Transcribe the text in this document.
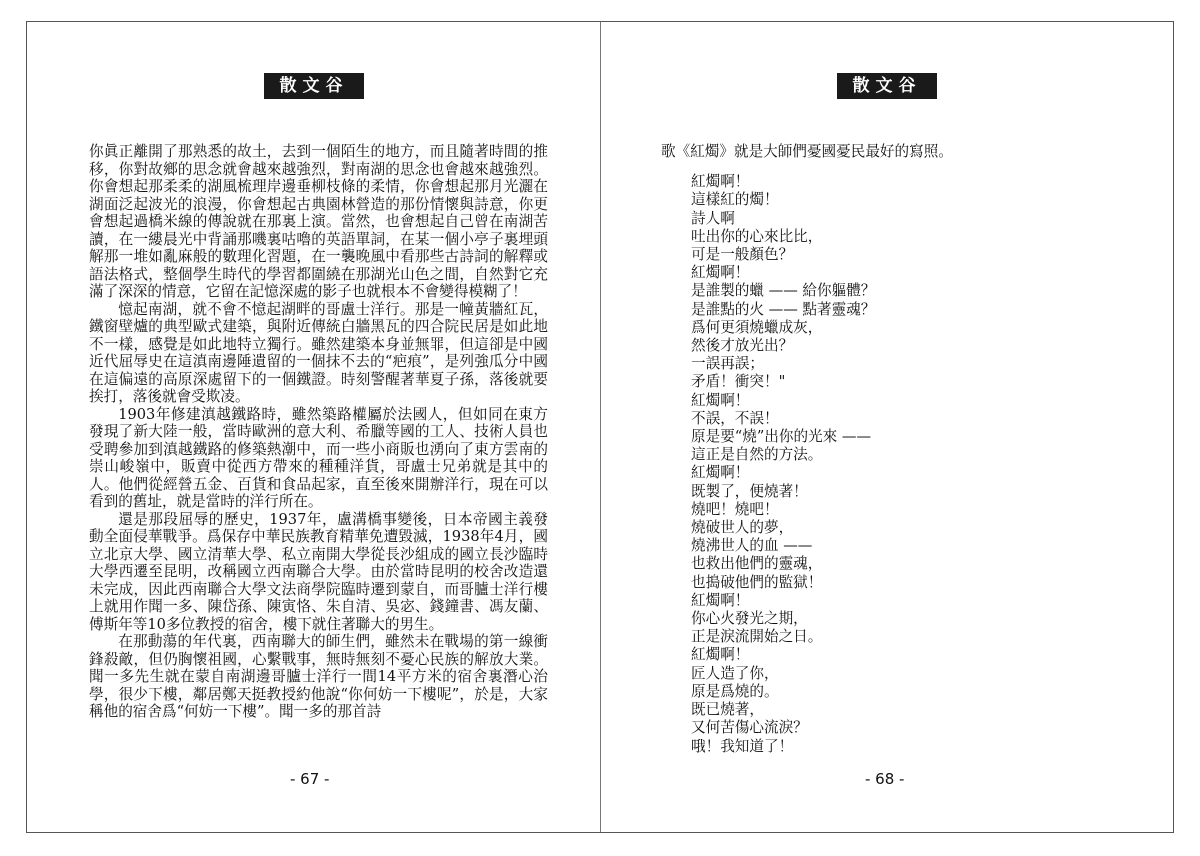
散文谷

你眞正離開了那熟悉的故土，去到一個陌生的地方，而且隨著時間的推移，你對故鄉的思念就會越來越強烈，對南湖的思念也會越來越強烈。你會想起那柔柔的湖風梳理岸邊垂柳枝條的柔情，你會想起那月光灑在湖面泛起波光的浪漫，你會想起古典園林營造的那份情懷與詩意，你更會想起過橋米線的傳說就在那裏上演。當然，也會想起自己曾在南湖苦讀，在一縷晨光中背誦那嘰裏咕嚕的英語單詞，在某一個小亭子裏埋頭解那一堆如亂麻般的數理化習題，在一襲晚風中看那些古詩詞的解釋或語法格式，整個學生時代的學習都圍繞在那湖光山色之間，自然對它充滿了深深的情意，它留在記憶深處的影子也就根本不會變得模糊了！

憶起南湖，就不會不憶起湖畔的哥盧士洋行。那是一幢黃牆紅瓦，鐵窗壁爐的典型歐式建築，與附近傳統白牆黑瓦的四合院民居是如此地不一樣，感覺是如此地特立獨行。雖然建築本身並無罪，但這卻是中國近代屈辱史在這滇南邊陲遺留的一個抹不去的“疤痕”，是列強瓜分中國在這偏遠的高原深處留下的一個鐵證。時刻警醒著華夏子孫，落後就要挨打，落後就會受欺凌。

1903年修建滇越鐵路時，雖然築路權屬於法國人，但如同在東方發現了新大陸一般，當時歐洲的意大利、希臘等國的工人、技術人員也受聘參加到滇越鐵路的修築熱潮中，而一些小商販也湧向了東方雲南的崇山峻嶺中，販賣中從西方帶來的種種洋貨，哥盧士兄弟就是其中的人。他們從經營五金、百貨和食品起家，直至後來開辦洋行，現在可以看到的舊址，就是當時的洋行所在。

還是那段屈辱的歷史，1937年，盧溝橋事變後，日本帝國主義發動全面侵華戰爭。爲保存中華民族教育精華免遭毀滅，1938年4月，國立北京大學、國立清華大學、私立南開大學從長沙組成的國立長沙臨時大學西遷至昆明，改稱國立西南聯合大學。由於當時昆明的校舍改造還未完成，因此西南聯合大學文法商學院臨時遷到蒙自，而哥臚士洋行樓上就用作聞一多、陳岱孫、陳寅恪、朱自清、吳宓、錢鐘書、馮友蘭、傅斯年等10多位教授的宿舍，樓下就住著聯大的男生。

在那動蕩的年代裏，西南聯大的師生們，雖然未在戰場的第一線衝鋒殺敵，但仍胸懷祖國，心繫戰事，無時無刻不憂心民族的解放大業。聞一多先生就在蒙自南湖邊哥臚士洋行一間14平方米的宿舍裏潛心治學，很少下樓，鄰居鄭天挺教授約他說“你何妨一下樓呢”，於是，大家稱他的宿舍爲“何妨一下樓”。聞一多的那首詩

- 67 -
散文谷

歌《紅燭》就是大師們憂國憂民最好的寫照。

紅燭啊！
這樣紅的燭！
詩人啊
吐出你的心來比比，
可是一般顏色？
紅燭啊！
是誰製的蠟 —— 給你軀體？
是誰點的火 —— 點著靈魂？
爲何更須燒蠟成灰，
然後才放光出？
一誤再誤；
矛盾！衝突！"
紅燭啊！
不誤，不誤！
原是要“燒”出你的光來 ——
這正是自然的方法。
紅燭啊！
既製了，便燒著！
燒吧！燒吧！
燒破世人的夢，
燒沸世人的血 ——
也救出他們的靈魂，
也搗破他們的監獄！
紅燭啊！
你心火發光之期，
正是淚流開始之日。
紅燭啊！
匠人造了你，
原是爲燒的。
既已燒著，
又何苦傷心流淚？
哦！我知道了！
- 68 -
